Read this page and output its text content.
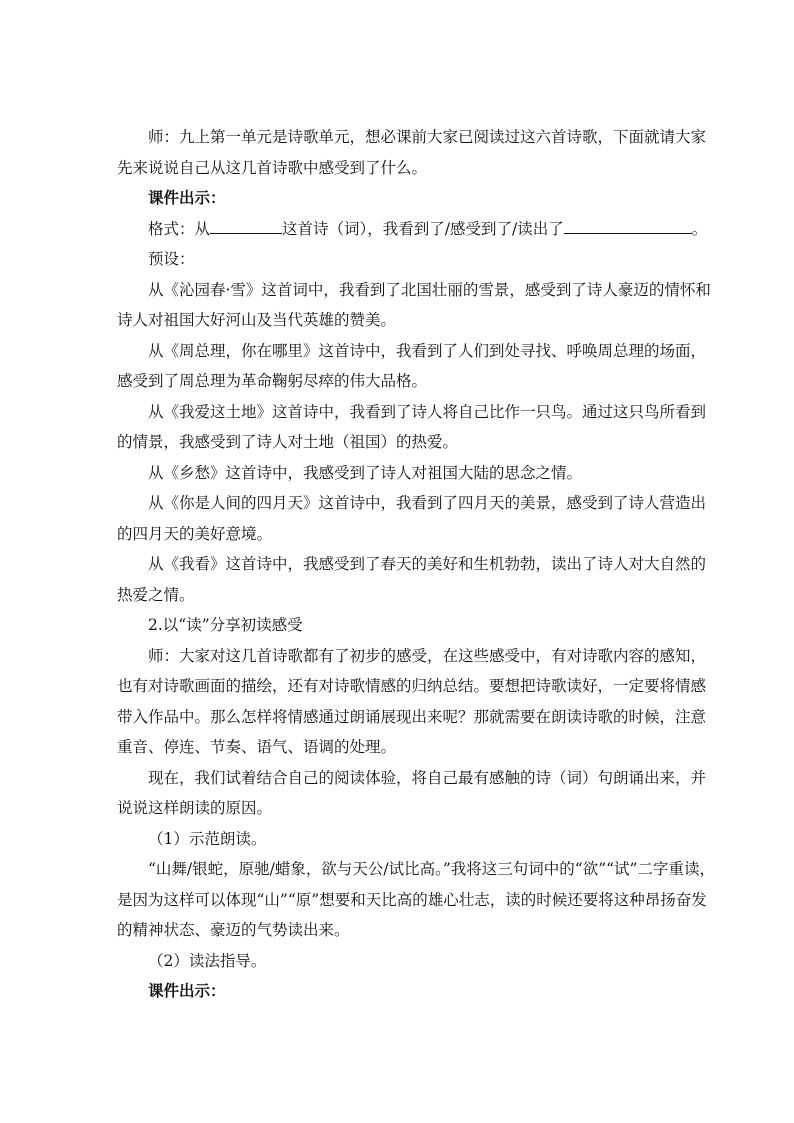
师：九上第一单元是诗歌单元，想必课前大家已阅读过这六首诗歌，下面就请大家先来说说自己从这几首诗歌中感受到了什么。

课件出示：

格式：从	这首诗（词），我看到了/感受到了/读出了	。

预设：

从《沁园春·雪》这首词中，我看到了北国壮丽的雪景，感受到了诗人豪迈的情怀和诗人对祖国大好河山及当代英雄的赞美。

从《周总理，你在哪里》这首诗中，我看到了人们到处寻找、呼唤周总理的场面，感受到了周总理为革命鞠躬尽瘁的伟大品格。

从《我爱这土地》这首诗中，我看到了诗人将自己比作一只鸟。通过这只鸟所看到的情景，我感受到了诗人对土地（祖国）的热爱。

从《乡愁》这首诗中，我感受到了诗人对祖国大陆的思念之情。

从《你是人间的四月天》这首诗中，我看到了四月天的美景，感受到了诗人营造出的四月天的美好意境。

从《我看》这首诗中，我感受到了春天的美好和生机勃勃，读出了诗人对大自然的热爱之情。

2.以“读”分享初读感受

师：大家对这几首诗歌都有了初步的感受，在这些感受中，有对诗歌内容的感知，也有对诗歌画面的描绘，还有对诗歌情感的归纳总结。要想把诗歌读好，一定要将情感带入作品中。那么怎样将情感通过朗诵展现出来呢？那就需要在朗读诗歌的时候，注意重音、停连、节奏、语气、语调的处理。

现在，我们试着结合自己的阅读体验，将自己最有感触的诗（词）句朗诵出来，并说说这样朗读的原因。

（1）示范朗读。

“山舞/银蛇，原驰/蜡象，欲与天公/试比高。”我将这三句词中的“欲”“试”二字重读，是因为这样可以体现“山”“原”想要和天比高的雄心壮志，读的时候还要将这种昂扬奋发的精神状态、豪迈的气势读出来。

（2）读法指导。

课件出示：
